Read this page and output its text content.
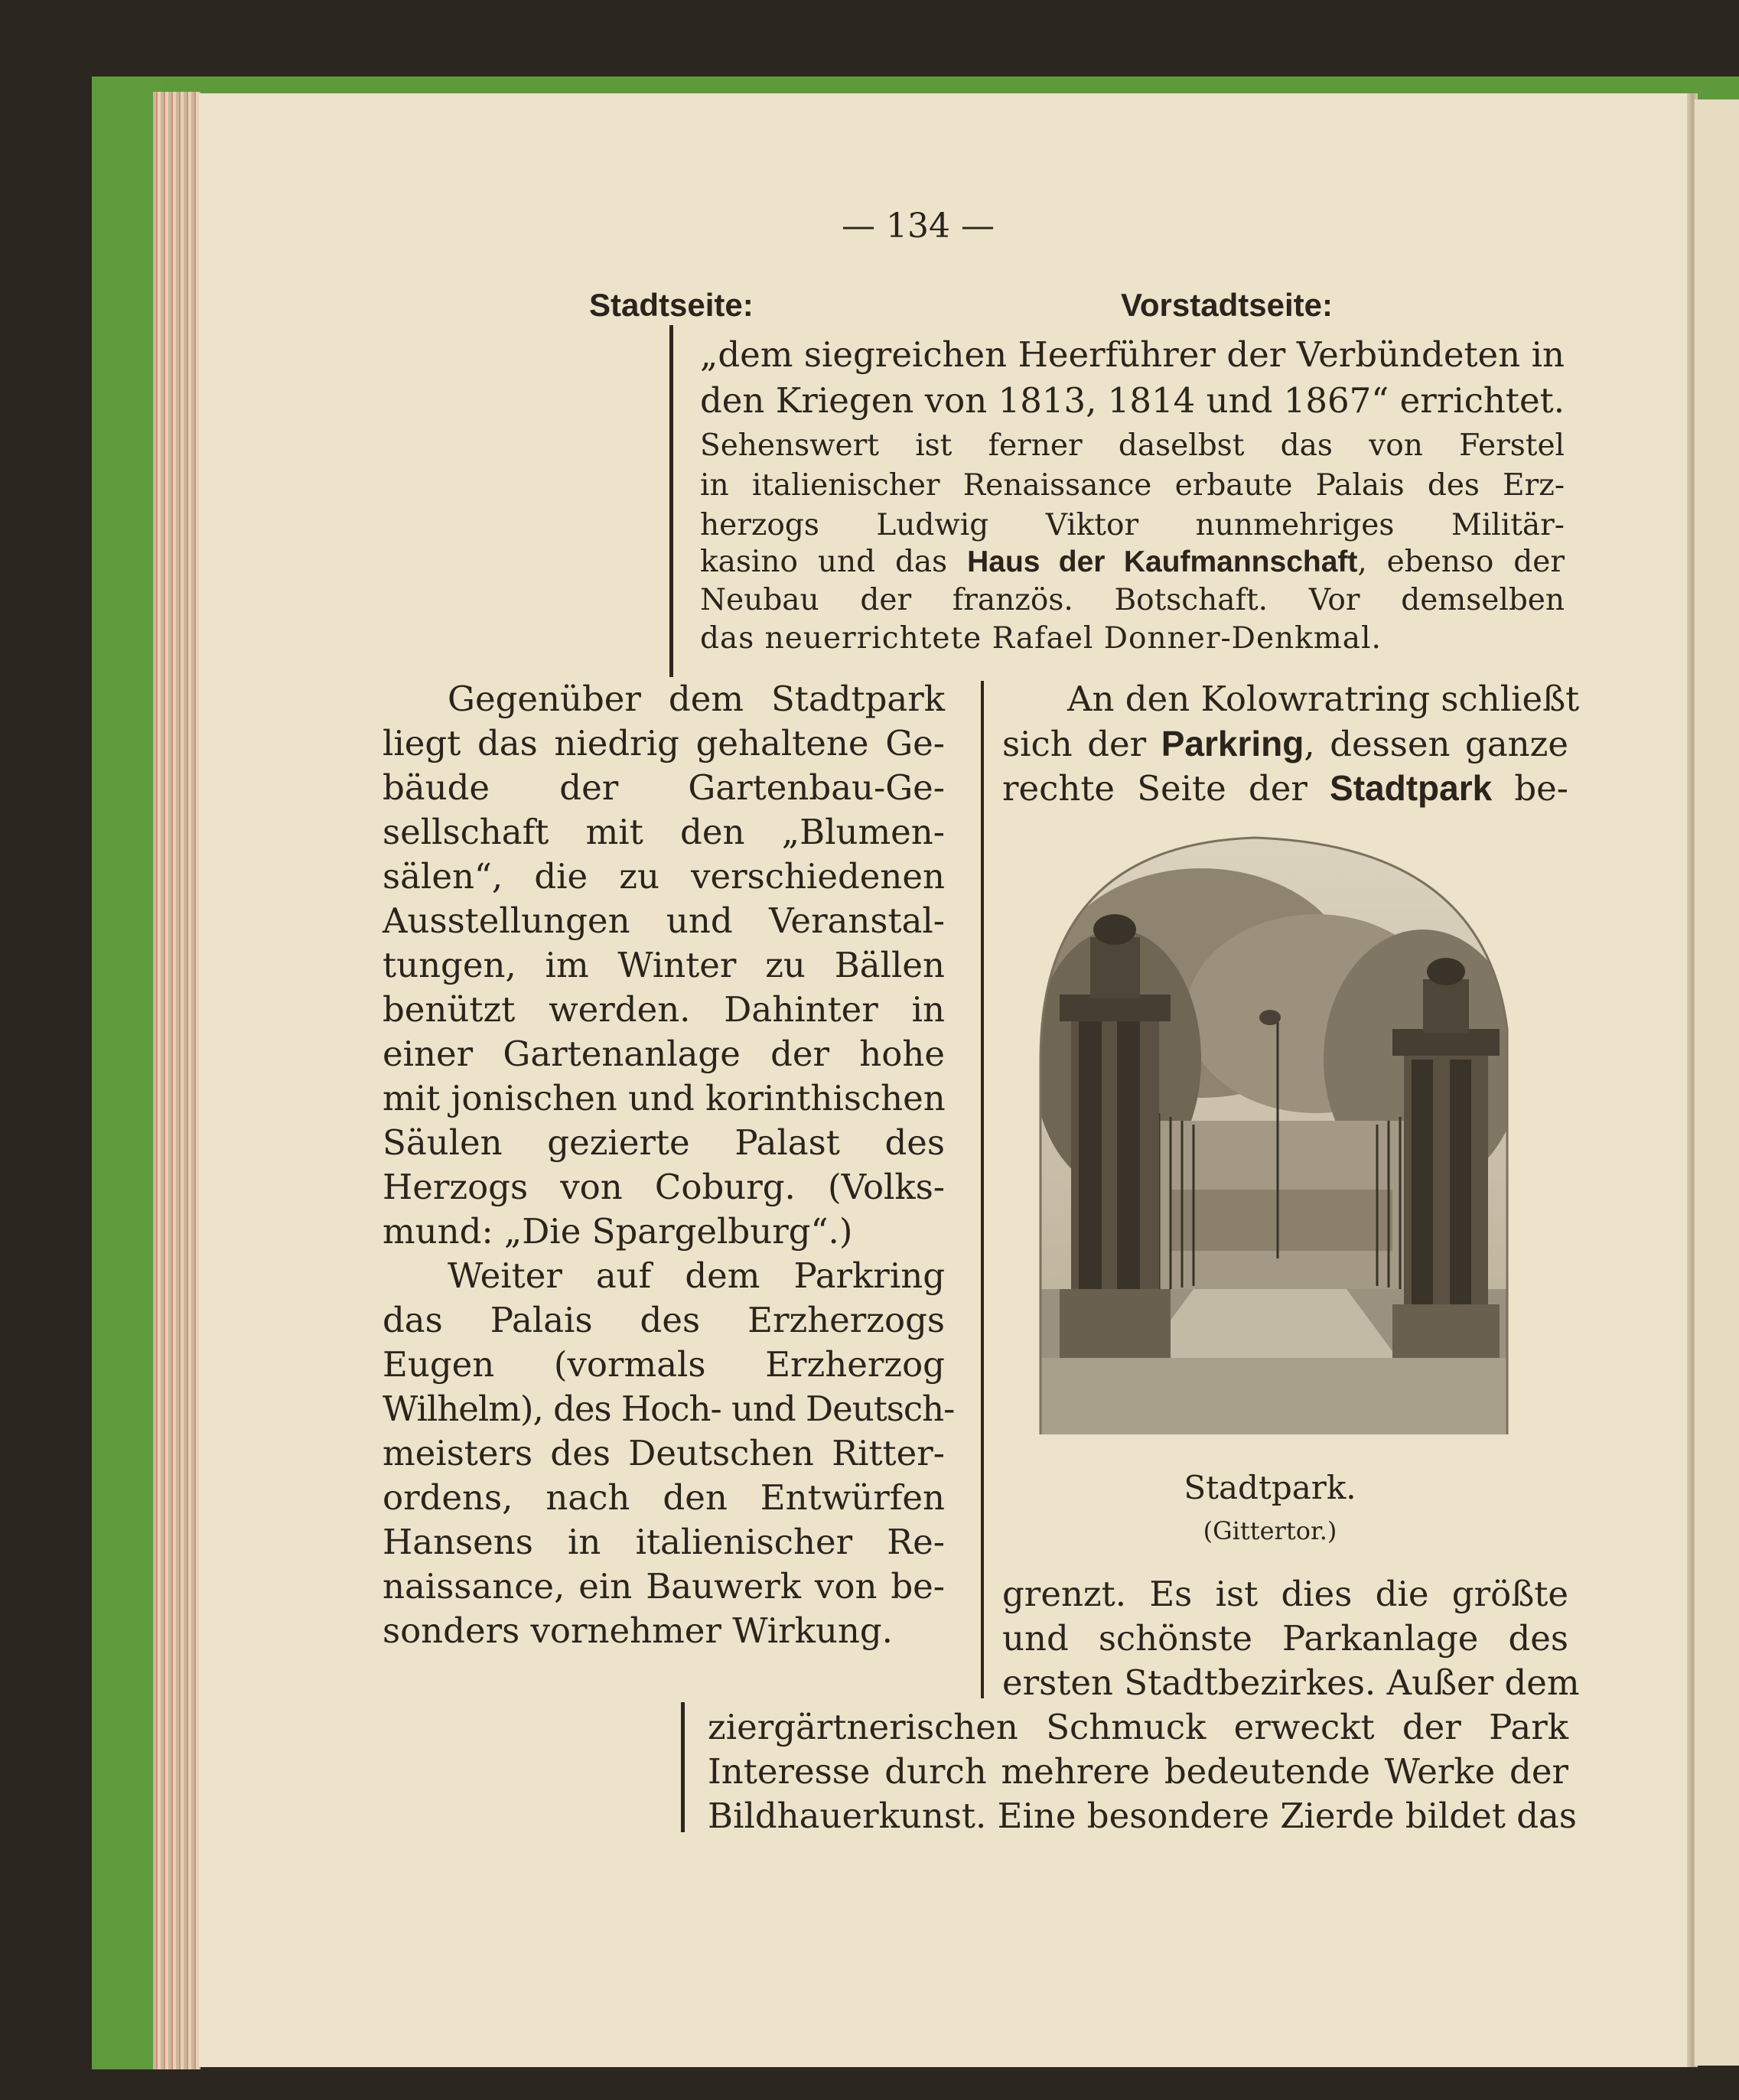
— 134 —
Stadtseite:	Vorstadtseite:
„dem siegreichen Heerführer der Verbündeten in
den Kriegen von 1813, 1814 und 1867“ errichtet.
Sehenswert ist ferner daselbst das von Ferstel
in italienischer Renaissance erbaute Palais des Erz-
herzogs Ludwig Viktor nunmehriges Militär-
kasino und das Haus der Kaufmannschaft, ebenso der
Neubau der französ. Botschaft. Vor demselben
das neuerrichtete Rafael Donner-Denkmal.
Gegenüber dem Stadtpark
liegt das niedrig gehaltene Ge-
bäude der Gartenbau-Ge-
sellschaft mit den „Blumen-
sälen“, die zu verschiedenen
Ausstellungen und Veranstal-
tungen, im Winter zu Bällen
benützt werden. Dahinter in
einer Gartenanlage der hohe
mit jonischen und korinthischen
Säulen gezierte Palast des
Herzogs von Coburg. (Volks-
mund: „Die Spargelburg“.)
Weiter auf dem Parkring
das Palais des Erzherzogs
Eugen (vormals Erzherzog
Wilhelm), des Hoch- und Deutsch-
meisters des Deutschen Ritter-
ordens, nach den Entwürfen
Hansens in italienischer Re-
naissance, ein Bauwerk von be-
sonders vornehmer Wirkung.
An den Kolowratring schließt
sich der Parkring, dessen ganze
rechte Seite der Stadtpark be-
Stadtpark.
(Gittertor.)
grenzt. Es ist dies die größte
und schönste Parkanlage des
ersten Stadtbezirkes. Außer dem
ziergärtnerischen Schmuck erweckt der Park
Interesse durch mehrere bedeutende Werke der
Bildhauerkunst. Eine besondere Zierde bildet das
